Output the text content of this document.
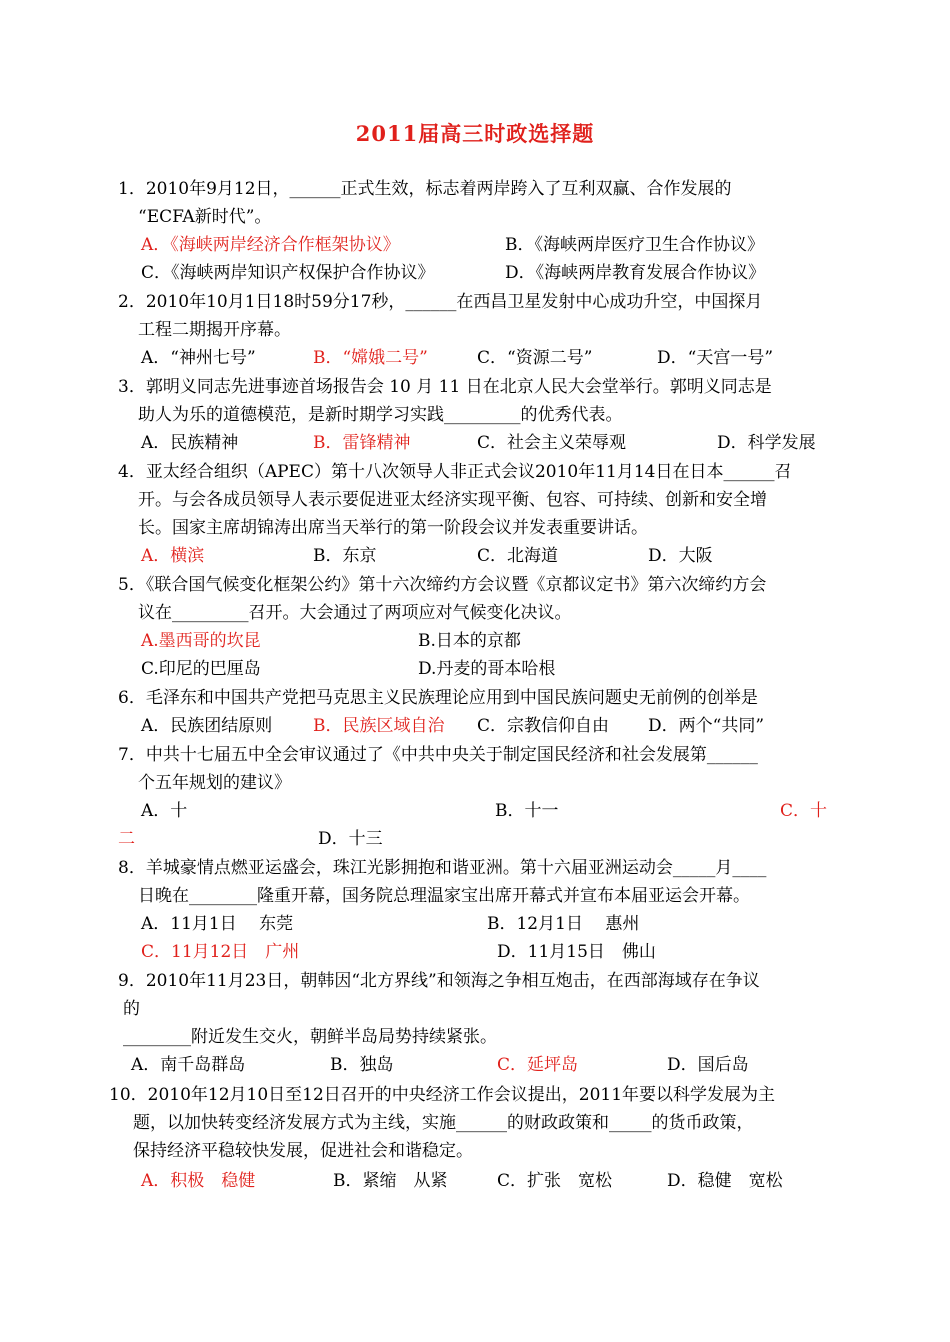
2011届高三时政选择题
1．2010年9月12日，______正式生效，标志着两岸跨入了互利双赢、合作发展的
“ECFA新时代”。
A．《海峡两岸经济合作框架协议》	B．《海峡两岸医疗卫生合作协议》
C．《海峡两岸知识产权保护合作协议》	D．《海峡两岸教育发展合作协议》
2．2010年10月1日18时59分17秒，______在西昌卫星发射中心成功升空，中国探月
工程二期揭开序幕。
A．“神州七号”	B．“嫦娥二号”	C．“资源二号”	D．“天宫一号”
3．郭明义同志先进事迹首场报告会 10 月 11 日在北京人民大会堂举行。郭明义同志是
助人为乐的道德模范，是新时期学习实践_________的优秀代表。
A．民族精神	B．雷锋精神	C．社会主义荣辱观	D．科学发展
4．亚太经合组织（APEC）第十八次领导人非正式会议2010年11月14日在日本______召
开。与会各成员领导人表示要促进亚太经济实现平衡、包容、可持续、创新和安全增
长。国家主席胡锦涛出席当天举行的第一阶段会议并发表重要讲话。
A．横滨	B．东京	C．北海道	D．大阪
5．《联合国气候变化框架公约》第十六次缔约方会议暨《京都议定书》第六次缔约方会
议在_________召开。大会通过了两项应对气候变化决议。
A.墨西哥的坎昆	B.日本的京都
C.印尼的巴厘岛	D.丹麦的哥本哈根
6．毛泽东和中国共产党把马克思主义民族理论应用到中国民族问题史无前例的创举是
A．民族团结原则 B．民族区域自治 C．宗教信仰自由 D．两个“共同”
7．中共十七届五中全会审议通过了《中共中央关于制定国民经济和社会发展第______
个五年规划的建议》
A．十	B．十一	C．十
二	D．十三
8．羊城豪情点燃亚运盛会，珠江光影拥抱和谐亚洲。第十六届亚洲运动会_____月____
日晚在________隆重开幕，国务院总理温家宝出席开幕式并宣布本届亚运会开幕。
A．11月1日　 东莞	B．12月1日　 惠州
C．11月12日　广州	D．11月15日　佛山
9．2010年11月23日，朝韩因“北方界线”和领海之争相互炮击，在西部海域存在争议
的
________附近发生交火，朝鲜半岛局势持续紧张。
A．南千岛群岛	B．独岛	C．延坪岛	D．国后岛
10．2010年12月10日至12日召开的中央经济工作会议提出，2011年要以科学发展为主
题，以加快转变经济发展方式为主线，实施______的财政政策和_____的货币政策，
保持经济平稳较快发展，促进社会和谐稳定。
A．积极　稳健	B．紧缩　从紧	C．扩张　宽松	D．稳健　宽松
